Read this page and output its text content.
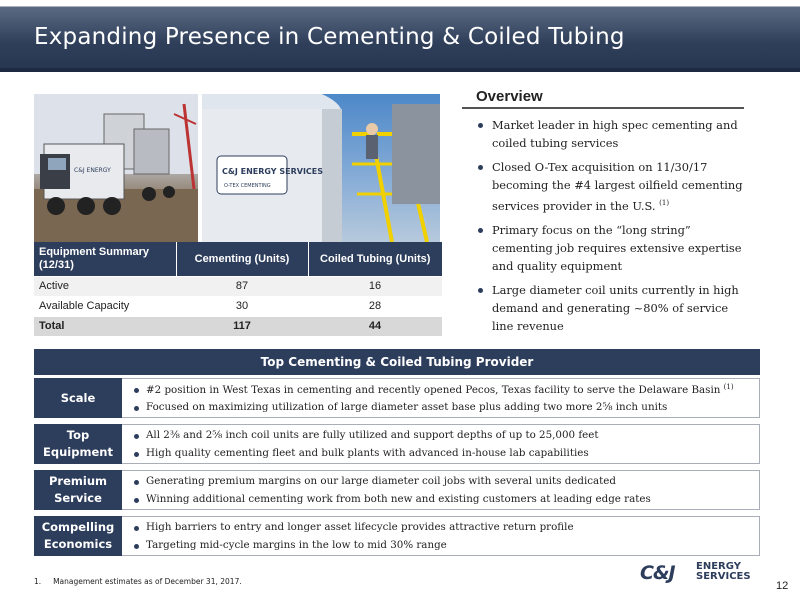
Expanding Presence in Cementing & Coiled Tubing
C&J ENERGY	C&J ENERGY SERVICES
O-TEX CEMENTING
Equipment Summary (12/31)	Cementing (Units)	Coiled Tubing (Units)
Active	87	16
Available Capacity	30	28
Total	117	44
Overview
Market leader in high spec cementing and coiled tubing services
Closed O-Tex acquisition on 11/30/17 becoming the #4 largest oilfield cementing services provider in the U.S. $^{(1)}$
Primary focus on the “long string” cementing job requires extensive expertise and quality equipment
Large diameter coil units currently in high demand and generating ~80% of service line revenue
Top Cementing & Coiled Tubing Provider
Scale

#2 position in West Texas in cementing and recently opened Pecos, Texas facility to serve the Delaware Basin $^{(1)}$
Focused on maximizing utilization of large diameter asset base plus adding two more 2⅝ inch units
Top
Equipment
All 2⅜ and 2⅝ inch coil units are fully utilized and support depths of up to 25,000 feet
High quality cementing fleet and bulk plants with advanced in-house lab capabilities
Premium
Service
Generating premium margins on our large diameter coil jobs with several units dedicated
Winning additional cementing work from both new and existing customers at leading edge rates
Compelling
Economics
High barriers to entry and longer asset lifecycle provides attractive return profile
Targeting mid-cycle margins in the low to mid 30% range
1.     Management estimates as of December 31, 2017.	C&J ENERGY
SERVICES
12
